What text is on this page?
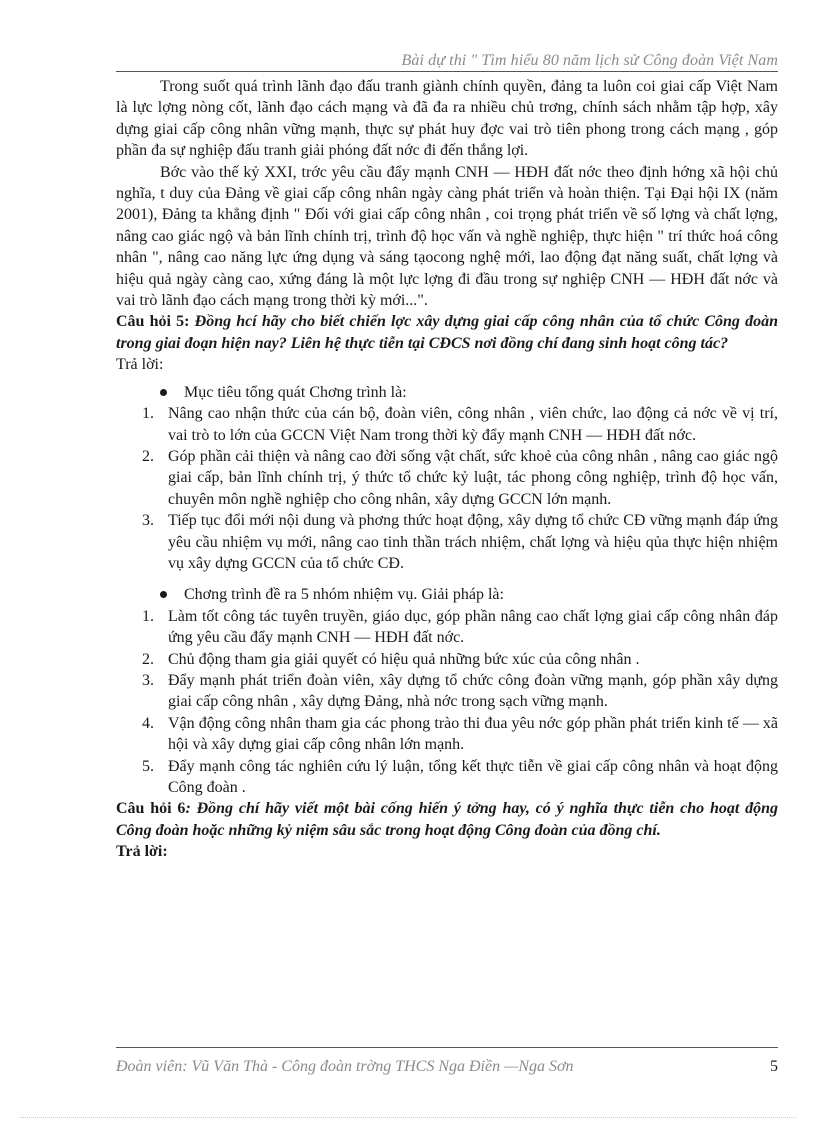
Bài dự thi " Tìm hiểu 80 năm lịch sử Công đoàn Việt Nam

Trong suốt quá trình lãnh đạo đấu tranh giành chính quyền, đảng ta luôn coi giai cấp Việt Nam là lực lợng nòng cốt, lãnh đạo cách mạng và đã đa ra nhiều chủ trơng, chính sách nhằm tập hợp, xây dựng giai cấp công nhân vững mạnh, thực sự phát huy đợc vai trò tiên phong trong cách mạng , góp phần đa sự nghiệp đấu tranh giải phóng đất nớc đi đến thắng lợi.

Bớc vào thế kỷ XXI, trớc yêu cầu đẩy mạnh CNH — HĐH đất nớc theo định hớng xã hội chủ nghĩa, t duy của Đảng về giai cấp công nhân ngày càng phát triển và hoàn thiện. Tại Đại hội IX (năm 2001), Đảng ta khẳng định " Đối với giai cấp công nhân , coi trọng phát triển về số lợng và chất lợng, nâng cao giác ngộ và bản lĩnh chính trị, trình độ học vấn và nghề nghiệp, thực hiện " trí thức hoá công nhân ", nâng cao năng lực ứng dụng và sáng tạocong nghệ mới, lao động đạt năng suất, chất lợng và hiệu quả ngày càng cao, xứng đáng là một lực lợng đi đầu trong sự nghiệp CNH — HĐH đất nớc và vai trò lãnh đạo cách mạng trong thời kỳ mới...".

Câu hỏi 5: Đồng hcí hãy cho biết chiến lợc xây dựng giai cấp công nhân của tổ chức Công đoàn trong giai đoạn hiện nay? Liên hệ thực tiễn tại CĐCS nơi đồng chí đang sinh hoạt công tác?

Trả lời:

Mục tiêu tổng quát Chơng trình là:
1. Nâng cao nhận thức của cán bộ, đoàn viên, công nhân , viên chức, lao động cả nớc về vị trí, vai trò to lớn của GCCN Việt Nam trong thời kỳ đẩy mạnh CNH — HĐH đất nớc.
2. Góp phần cải thiện và nâng cao đời sống vật chất, sức khoẻ của công nhân , nâng cao giác ngộ giai cấp, bản lĩnh chính trị, ý thức tổ chức kỷ luật, tác phong công nghiệp, trình độ học vấn, chuyên môn nghề nghiệp cho công nhân, xây dựng GCCN lớn mạnh.
3. Tiếp tục đổi mới nội dung và phơng thức hoạt động, xây dựng tổ chức CĐ vững mạnh đáp ứng yêu cầu nhiệm vụ mới, nâng cao tinh thần trách nhiệm, chất lợng và hiệu qủa thực hiện nhiệm vụ xây dựng GCCN của tổ chức CĐ.
Chơng trình đề ra 5 nhóm nhiệm vụ. Giải pháp là:
1. Làm tốt công tác tuyên truyền, giáo dục, góp phần nâng cao chất lợng giai cấp công nhân đáp ứng yêu cầu đẩy mạnh CNH — HĐH đất nớc.
2. Chủ động tham gia giải quyết có hiệu quả những bức xúc của công nhân .
3. Đẩy mạnh phát triển đoàn viên, xây dựng tổ chức công đoàn vững mạnh, góp phần xây dựng giai cấp công nhân , xây dựng Đảng, nhà nớc trong sạch vững mạnh.
4. Vận động công nhân tham gia các phong trào thi đua yêu nớc góp phần phát triển kinh tế — xã hội và xây dựng giai cấp công nhân lớn mạnh.
5. Đẩy mạnh công tác nghiên cứu lý luận, tổng kết thực tiễn về giai cấp công nhân và hoạt động Công đoàn .

Câu hỏi 6: Đồng chí hãy viết một bài cống hiến ý tởng hay, có ý nghĩa thực tiễn cho hoạt động Công đoàn hoặc những kỷ niệm sâu sắc trong hoạt động Công đoàn của đồng chí.

Trả lời:

Đoàn viên: Vũ Văn Thà - Công đoàn trờng THCS Nga Điền —Nga Sơn	5
